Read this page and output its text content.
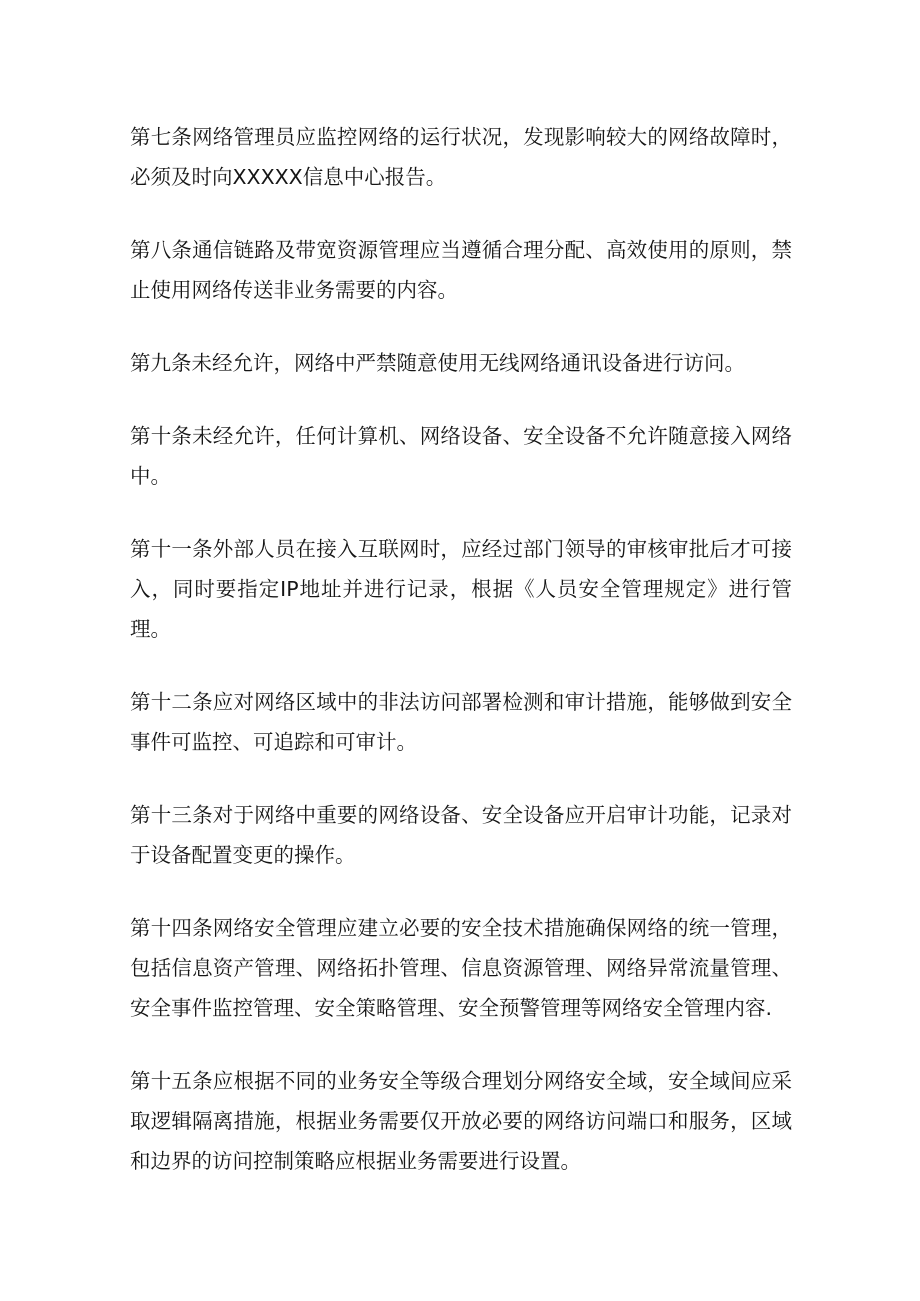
第七条网络管理员应监控网络的运行状况，发现影响较大的网络故障时，必须及时向XXXXX信息中心报告。

第八条通信链路及带宽资源管理应当遵循合理分配、高效使用的原则，禁止使用网络传送非业务需要的内容。

第九条未经允许，网络中严禁随意使用无线网络通讯设备进行访问。

第十条未经允许，任何计算机、网络设备、安全设备不允许随意接入网络中。

第十一条外部人员在接入互联网时，应经过部门领导的审核审批后才可接入，同时要指定IP地址并进行记录，根据《人员安全管理规定》进行管理。

第十二条应对网络区域中的非法访问部署检测和审计措施，能够做到安全事件可监控、可追踪和可审计。

第十三条对于网络中重要的网络设备、安全设备应开启审计功能，记录对于设备配置变更的操作。

第十四条网络安全管理应建立必要的安全技术措施确保网络的统一管理，包括信息资产管理、网络拓扑管理、信息资源管理、网络异常流量管理、安全事件监控管理、安全策略管理、安全预警管理等网络安全管理内容.

第十五条应根据不同的业务安全等级合理划分网络安全域，安全域间应采取逻辑隔离措施，根据业务需要仅开放必要的网络访问端口和服务，区域和边界的访问控制策略应根据业务需要进行设置。
